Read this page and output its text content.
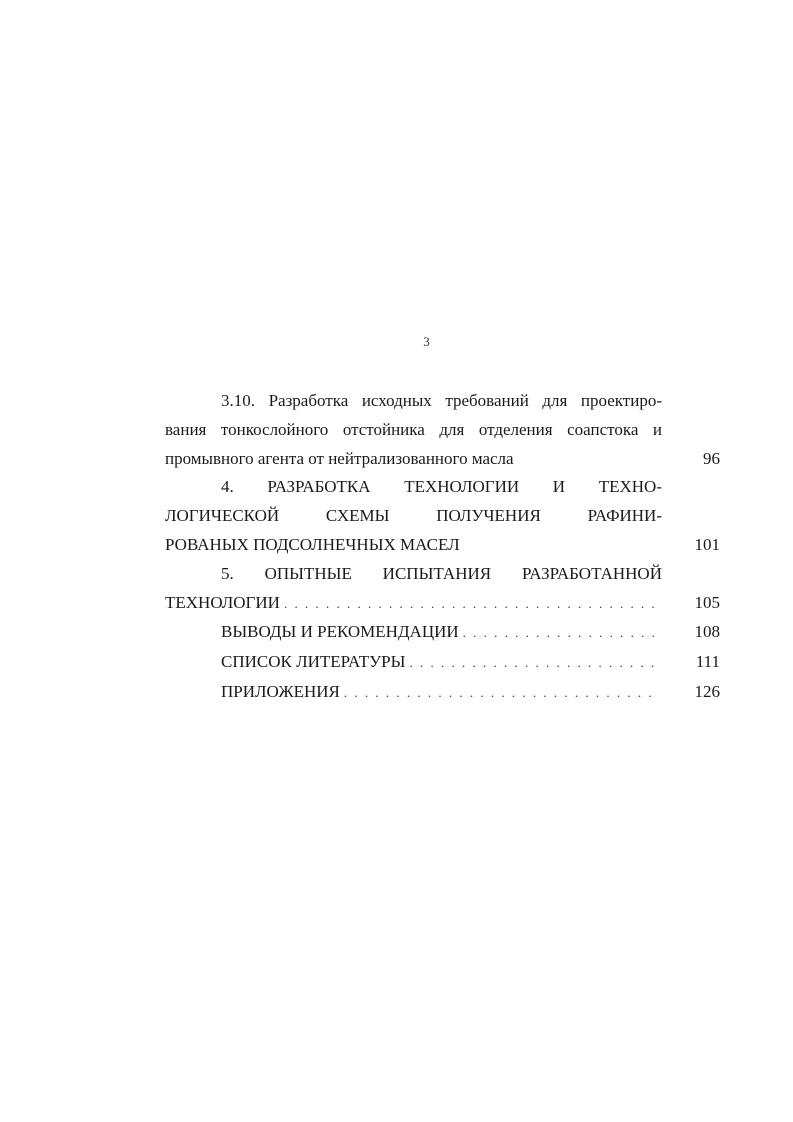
3
3.10. Разработка исходных требований для проектиро-
вания тонкослойного отстойника для отделения соапстока и
промывного агента от нейтрализованного масла	96
4. РАЗРАБОТКА ТЕХНОЛОГИИ И ТЕХНО-
ЛОГИЧЕСКОЙ СХЕМЫ ПОЛУЧЕНИЯ РАФИНИ-
РОВАНЫХ ПОДСОЛНЕЧНЫХ МАСЕЛ	101
5. ОПЫТНЫЕ ИСПЫТАНИЯ РАЗРАБОТАННОЙ
ТЕХНОЛОГИИ . . .	105
ВЫВОДЫ И РЕКОМЕНДАЦИИ . . .	108
СПИСОК ЛИТЕРАТУРЫ . . .	111
ПРИЛОЖЕНИЯ . . .	126
